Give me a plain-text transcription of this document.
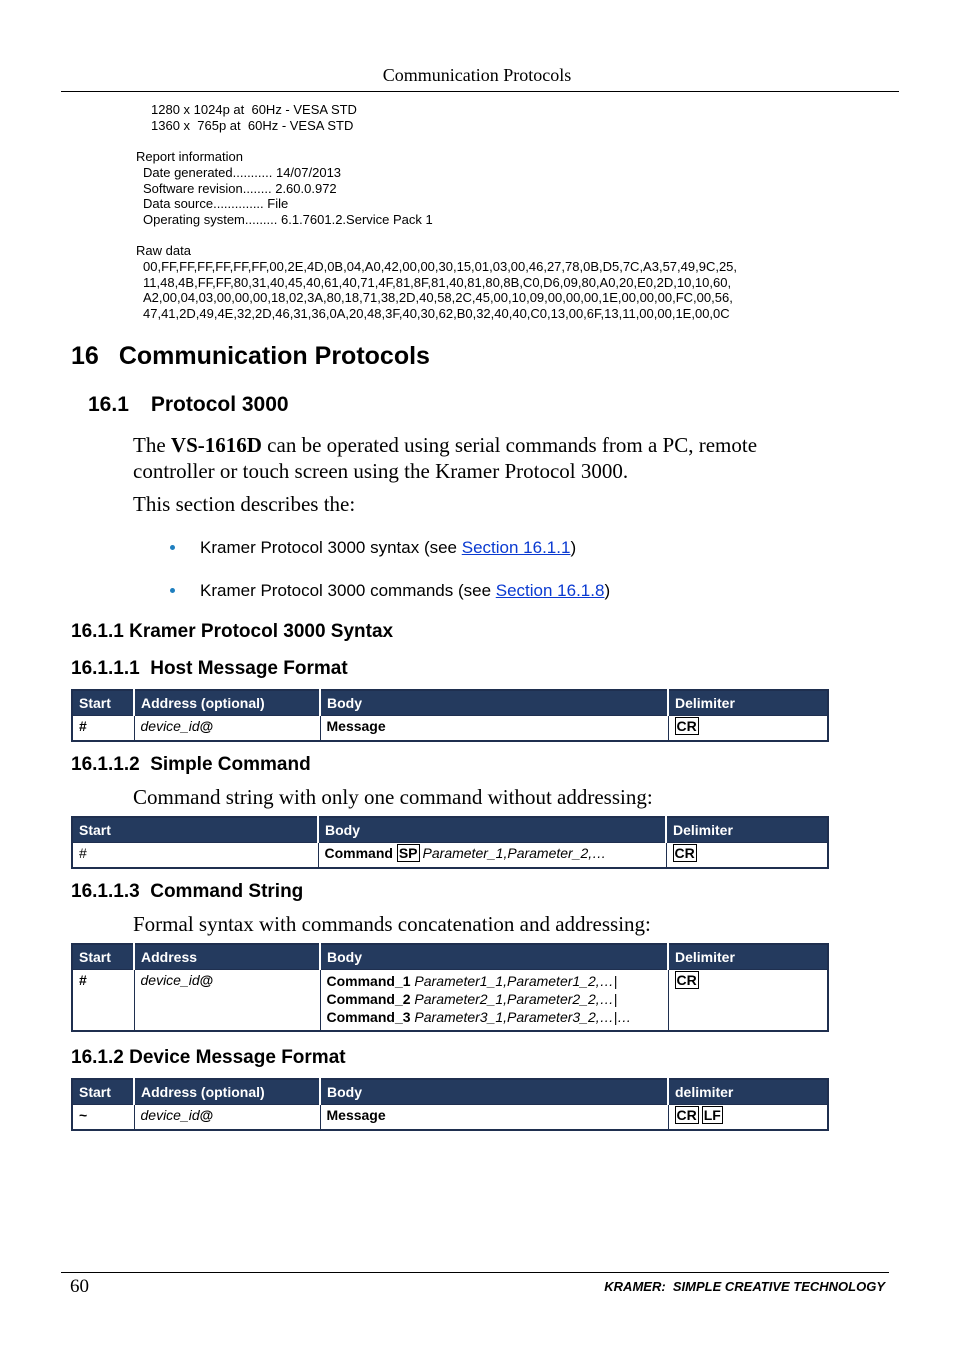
Communication Protocols
1280 x 1024p at  60Hz - VESA STD
1360 x  765p at  60Hz - VESA STD
Report information
Date generated........... 14/07/2013
Software revision........ 2.60.0.972
Data source.............. File
Operating system......... 6.1.7601.2.Service Pack 1
Raw data
00,FF,FF,FF,FF,FF,FF,00,2E,4D,0B,04,A0,42,00,00,30,15,01,03,00,46,27,78,0B,D5,7C,A3,57,49,9C,25,
11,48,4B,FF,FF,80,31,40,45,40,61,40,71,4F,81,8F,81,40,81,80,8B,C0,D6,09,80,A0,20,E0,2D,10,10,60,
A2,00,04,03,00,00,00,18,02,3A,80,18,71,38,2D,40,58,2C,45,00,10,09,00,00,00,1E,00,00,00,FC,00,56,
47,41,2D,49,4E,32,2D,46,31,36,0A,20,48,3F,40,30,62,B0,32,40,40,C0,13,00,6F,13,11,00,00,1E,00,0C
16 Communication Protocols
16.1 Protocol 3000
The VS-1616D can be operated using serial commands from a PC, remote controller or touch screen using the Kramer Protocol 3000.
This section describes the:
Kramer Protocol 3000 syntax (see Section 16.1.1)
Kramer Protocol 3000 commands (see Section 16.1.8)
16.1.1 Kramer Protocol 3000 Syntax
16.1.1.1  Host Message Format
Start	Address (optional)	Body	Delimiter
#	device_id@	Message	CR
16.1.1.2  Simple Command
Command string with only one command without addressing:
Start	Body	Delimiter
#	Command SP Parameter_1,Parameter_2,…	CR
16.1.1.3  Command String
Formal syntax with commands concatenation and addressing:
Start	Address	Body	Delimiter
#	device_id@	Command_1 Parameter1_1,Parameter1_2,…|
Command_2 Parameter2_1,Parameter2_2,…|
Command_3 Parameter3_1,Parameter3_2,…|…	CR
16.1.2 Device Message Format
Start	Address (optional)	Body	delimiter
~	device_id@	Message	CR LF
60	KRAMER:  SIMPLE CREATIVE TECHNOLOGY
